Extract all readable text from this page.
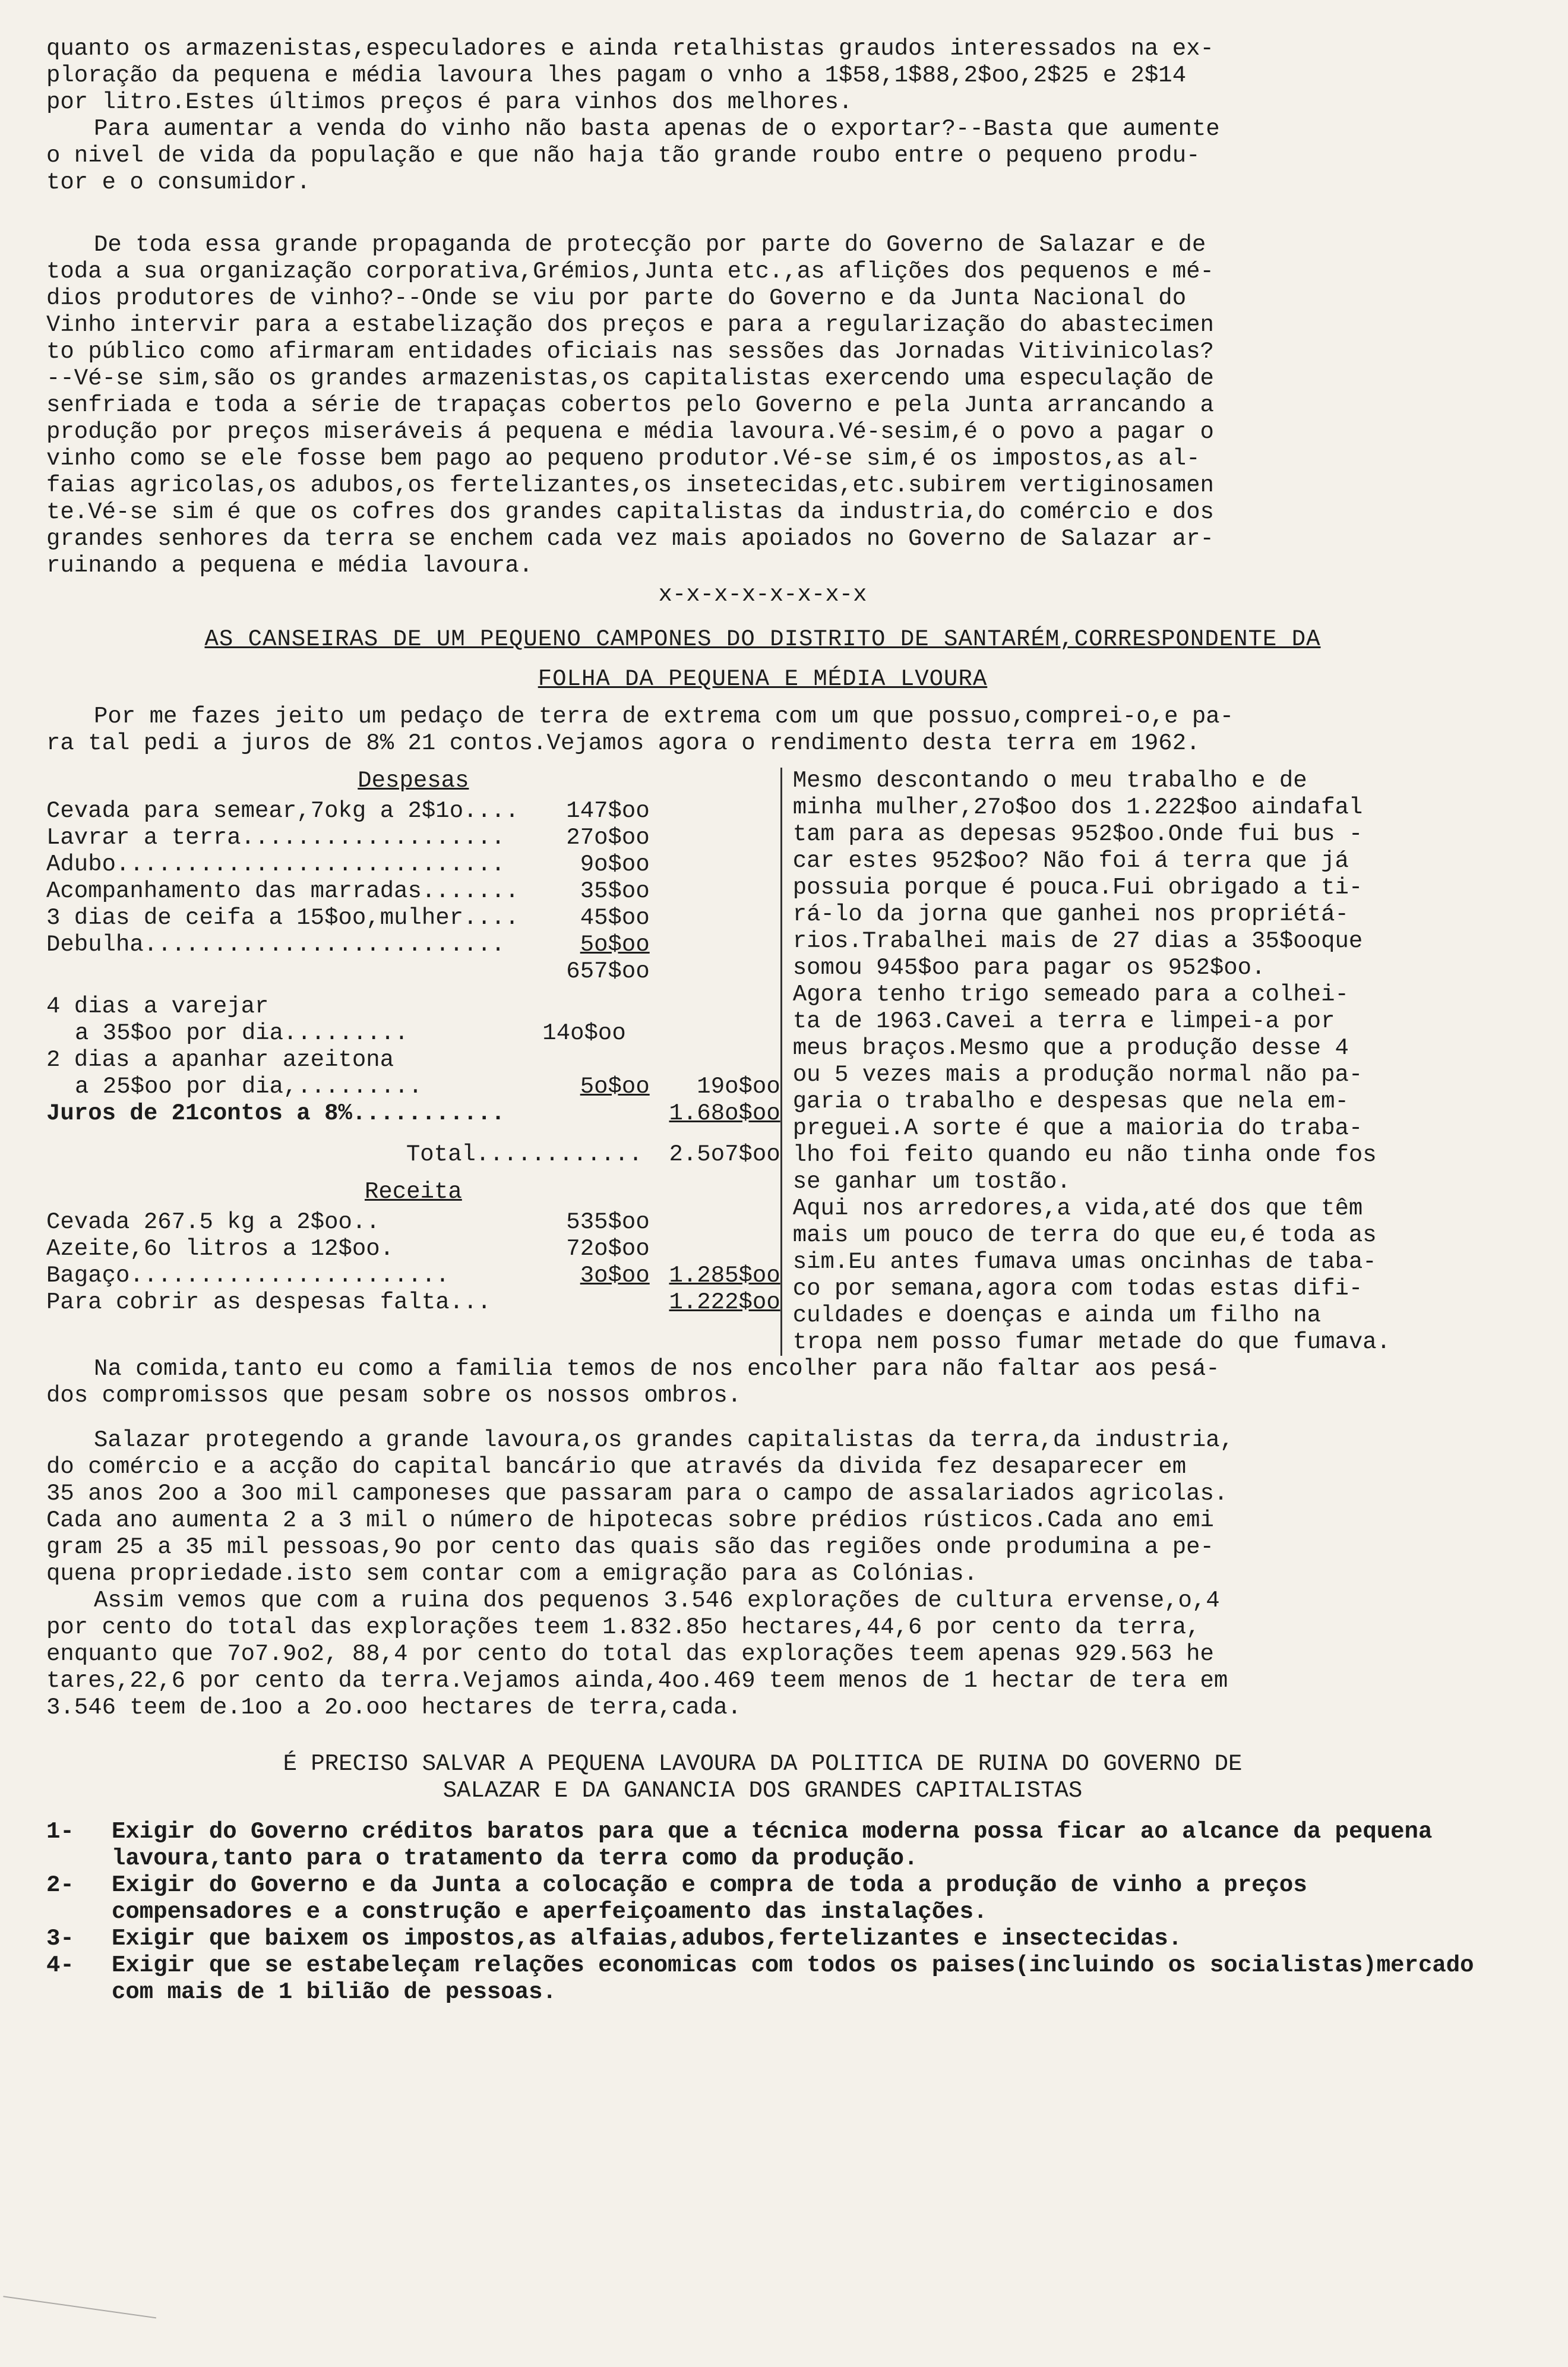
quanto os armazenistas,especuladores e ainda retalhistas graudos interessados na ex-

ploração da pequena e média lavoura lhes pagam o vnho a 1$58,1$88,2$oo,2$25 e 2$14

por litro.Estes últimos preços é para vinhos dos melhores.

Para aumentar a venda do vinho não basta apenas de o exportar?--Basta que aumente

o nivel de vida da população e que não haja tão grande roubo entre o pequeno produ-

tor e o consumidor.

De toda essa grande propaganda de protecção por parte do Governo de Salazar e de

toda a sua organização corporativa,Grémios,Junta etc.,as aflições dos pequenos e mé-

dios produtores de vinho?--Onde se viu por parte do Governo e da Junta Nacional do

Vinho intervir para a estabelização dos preços e para a regularização do abastecimen

to público como afirmaram entidades oficiais nas sessões das Jornadas Vitivinicolas?

--Vé-se sim,são os grandes armazenistas,os capitalistas exercendo uma especulação de

senfriada e toda a série de trapaças cobertos pelo Governo e pela Junta arrancando a

produção por preços miseráveis á pequena e média lavoura.Vé-sesim,é o povo a pagar o

vinho como se ele fosse bem pago ao pequeno produtor.Vé-se sim,é os impostos,as al-

faias agricolas,os adubos,os fertelizantes,os insetecidas,etc.subirem vertiginosamen

te.Vé-se sim é que os cofres dos grandes capitalistas da industria,do comércio e dos

grandes senhores da terra se enchem cada vez mais apoiados no Governo de Salazar ar-

ruinando a pequena e média lavoura.

x-x-x-x-x-x-x-x

AS CANSEIRAS DE UM PEQUENO CAMPONES DO DISTRITO DE SANTARÉM,CORRESPONDENTE DA

FOLHA DA PEQUENA E MÉDIA LVOURA

Por me fazes jeito um pedaço de terra de extrema com um que possuo,comprei-o,e pa-

ra tal pedi a juros de 8% 21 contos.Vejamos agora o rendimento desta terra em 1962.

Despesas

Cevada para semear,7okg a 2$1o....	147$oo
Lavrar a terra...................	27o$oo
Adubo............................	9o$oo
Acompanhamento das marradas.......	35$oo
3 dias de ceifa a 15$oo,mulher....	45$oo
Debulha..........................	5o$oo
657$oo
4 dias a varejar
a 35$oo por dia.........	14o$oo
2 dias a apanhar azeitona
a 25$oo por dia,.........	5o$oo	19o$oo
Juros de 21contos a 8%...........	1.68o$oo
Total............	2.5o7$oo

Receita

Cevada 267.5 kg a 2$oo..	535$oo
Azeite,6o litros a 12$oo.	72o$oo
Bagaço.......................	3o$oo 1.285$oo
Para cobrir as despesas falta...	1.222$oo

Mesmo descontando o meu trabalho e de

minha mulher,27o$oo dos 1.222$oo aindafal

tam para as depesas 952$oo.Onde fui bus -

car estes 952$oo? Não foi á terra que já

possuia porque é pouca.Fui obrigado a ti-

rá-lo da jorna que ganhei nos propriétá-

rios.Trabalhei mais de 27 dias a 35$ooque

somou 945$oo para pagar os 952$oo.

Agora tenho trigo semeado para a colhei-

ta de 1963.Cavei a terra e limpei-a por

meus braços.Mesmo que a produção desse 4

ou 5 vezes mais a produção normal não pa-

garia o trabalho e despesas que nela em-

preguei.A sorte é que a maioria do traba-

lho foi feito quando eu não tinha onde fos

se ganhar um tostão.

Aqui nos arredores,a vida,até dos que têm

mais um pouco de terra do que eu,é toda as

sim.Eu antes fumava umas oncinhas de taba-

co por semana,agora com todas estas difi-

culdades e doenças e ainda um filho na

tropa nem posso fumar metade do que fumava.

Na comida,tanto eu como a familia temos de nos encolher para não faltar aos pesá-

dos compromissos que pesam sobre os nossos ombros.

Salazar protegendo a grande lavoura,os grandes capitalistas da terra,da industria,

do comércio e a acção do capital bancário que através da divida fez desaparecer em

35 anos 2oo a 3oo mil camponeses que passaram para o campo de assalariados agricolas.

Cada ano aumenta 2 a 3 mil o número de hipotecas sobre prédios rústicos.Cada ano emi

gram 25 a 35 mil pessoas,9o por cento das quais são das regiões onde produmina a pe-

quena propriedade.isto sem contar com a emigração para as Colónias.

Assim vemos que com a ruina dos pequenos 3.546 explorações de cultura ervense,o,4

por cento do total das explorações teem 1.832.85o hectares,44,6 por cento da terra,

enquanto que 7o7.9o2, 88,4 por cento do total das explorações teem apenas 929.563 he

tares,22,6 por cento da terra.Vejamos ainda,4oo.469 teem menos de 1 hectar de tera em

3.546 teem de.1oo a 2o.ooo hectares de terra,cada.

É PRECISO SALVAR A PEQUENA LAVOURA DA POLITICA DE RUINA DO GOVERNO DE

SALAZAR E DA GANANCIA DOS GRANDES CAPITALISTAS

1-	Exigir do Governo créditos baratos para que a técnica moderna possa ficar ao alcance da pequena lavoura,tanto para o tratamento da terra como da produção.
2-	Exigir do Governo e da Junta a colocação e compra de toda a produção de vinho a preços compensadores e a construção e aperfeiçoamento das instalações.
3-	Exigir que baixem os impostos,as alfaias,adubos,fertelizantes e insectecidas.
4-	Exigir que se estabeleçam relações economicas com todos os paises(incluindo os socialistas)mercado com mais de 1 bilião de pessoas.
